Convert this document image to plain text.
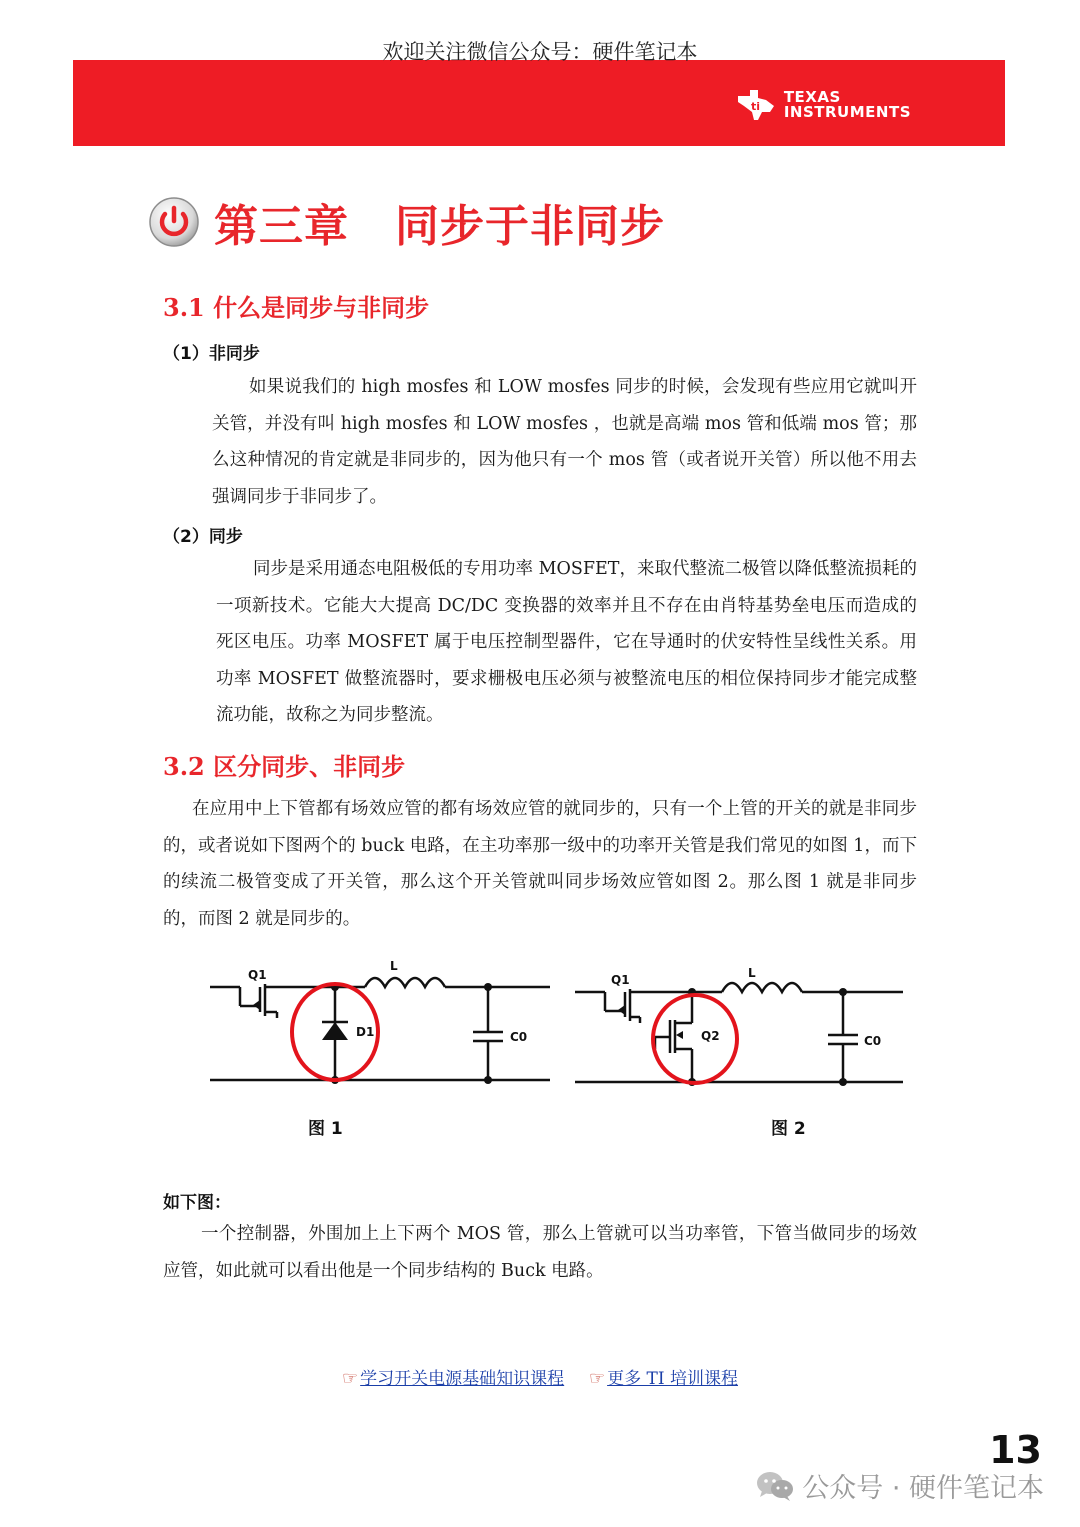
欢迎关注微信公众号：硬件笔记本
ti
TEXAS
INSTRUMENTS
第三章 同步于非同步
3.1 什么是同步与非同步
（1）非同步
如果说我们的 high mosfes 和 LOW mosfes 同步的时候，会发现有些应用它就叫开关管，并没有叫 high mosfes 和 LOW mosfes ，也就是高端 mos 管和低端 mos 管；那么这种情况的肯定就是非同步的，因为他只有一个 mos 管（或者说开关管）所以他不用去强调同步于非同步了。
（2）同步
同步是采用通态电阻极低的专用功率 MOSFET，来取代整流二极管以降低整流损耗的一项新技术。它能大大提高 DC/DC 变换器的效率并且不存在由肖特基势垒电压而造成的死区电压。功率 MOSFET 属于电压控制型器件，它在导通时的伏安特性呈线性关系。用功率 MOSFET 做整流器时，要求栅极电压必须与被整流电压的相位保持同步才能完成整流功能，故称之为同步整流。
3.2 区分同步、非同步
在应用中上下管都有场效应管的都有场效应管的就同步的，只有一个上管的开关的就是非同步的，或者说如下图两个的 buck 电路，在主功率那一级中的功率开关管是我们常见的如图 1，而下的续流二极管变成了开关管，那么这个开关管就叫同步场效应管如图 2。那么图 1 就是非同步的，而图 2 就是同步的。
Q1
L
D1	C0
图 1
Q1	L
Q2	C0
图 2
如下图：
一个控制器，外围加上上下两个 MOS 管，那么上管就可以当功率管，下管当做同步的场效应管，如此就可以看出他是一个同步结构的 Buck 电路。
☞ 学习开关电源基础知识课程 ☞ 更多 TI 培训课程
13
公众号 · 硬件笔记本
